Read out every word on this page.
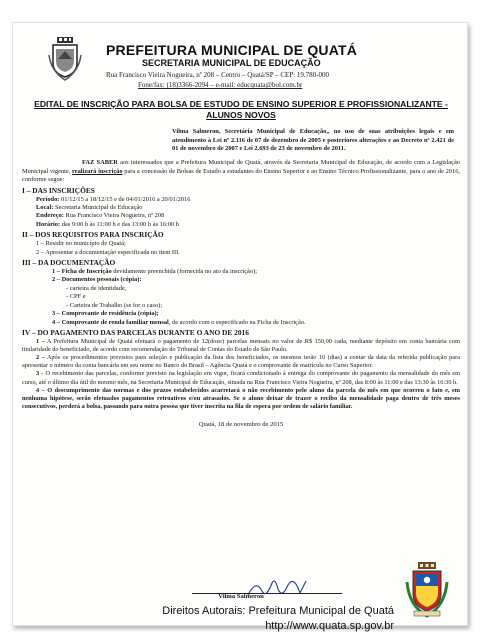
PREFEITURA MUNICIPAL DE QUATÁ
SECRETARIA MUNICIPAL DE EDUCAÇÃO
Rua Francisco Vieira Nogueira, nº 208 – Centro – Quatá/SP – CEP: 19.780-000
Fone/fax: (18)3366-2094 – e-mail: educquata@bol.com.br
EDITAL DE INSCRIÇÃO PARA BOLSA DE ESTUDO DE ENSINO SUPERIOR E PROFISSIONALIZANTE - ALUNOS NOVOS
Vilma Salmeron, Secretária Municipal de Educação,, no uso de suas atribuições legais e em atendimento à Lei nº 2.116 de 07 de dezembro de 2005 e posteriores alterações e ao Decreto nº 2.421 de 01 de novembro de 2007 e Lei 2.693 de 23 de novembro de 2011.
FAZ SABER aos interessados que a Prefeitura Municipal de Quatá, através da Secretaria Municipal de Educação, de acordo com a Legislação Municipal vigente, realizará inscrição para a concessão de Bolsas de Estudo a estudantes do Ensino Superior e ao Ensino Técnico Profissionalizante, para o ano de 2016, conforme segue:
I – DAS INSCRIÇÕES
Período: 01/12/15 a 18/12/15 e de 04/01/2016 a 20/01/2016
Local: Secretaria Municipal de Educação
Endereço: Rua Francisco Vieira Nogueira, nº 208
Horário: das 9:00 h às 11:00 h e das 13:00 h às 16:00 h
II – DOS REQUISITOS PARA INSCRIÇÃO
1 – Residir no município de Quatá;
2 – Apresentar a documentação especificada no item III.
III – DA DOCUMENTAÇÃO
1 – Ficha de Inscrição devidamente preenchida (fornecida no ato da inscrição);
2 – Documentos pessoais (cópia):
- carteira de identidade,
- CPF e
- Carteira de Trabalho (se for o caso);
3 – Comprovante de residência (cópia);
4 – Comprovante de renda familiar mensal, de acordo com o especificado na Ficha de Inscrição.
IV – DO PAGAMENTO DAS PARCELAS DURANTE O ANO DE 2016
1 – A Prefeitura Municipal de Quatá efetuará o pagamento de 12(doze) parcelas mensais no valor de R$ 150,00 cada, mediante depósito em conta bancária com titularidade do beneficiado, de acordo com recomendação do Tribunal de Contas do Estado de São Paulo.
2 – Após os procedimentos previstos para seleção e publicação da lista dos beneficiados, os mesmos terão 10 (dias) a contar da data da referida publicação para apresentar o número da conta bancária em seu nome no Banco do Brasil – Agência Quatá e o comprovante de matrícula no Curso Superior.
3 - O recebimento das parcelas, conforme previsto na legislação em vigor, ficará condicionado à entrega do comprovante do pagamento da mensalidade do mês em curso, até o último dia útil do mesmo mês, na Secretaria Municipal de Educação, situada na Rua Francisco Vieira Nogueira, nº 208, das 8:00 às 11:00 e das 13:30 às 16:30 h.
4 – O descumprimento das normas e dos prazos estabelecidos acarretará o não recebimento pelo aluno da parcela do mês em que ocorreu o fato e, em nenhuma hipótese, serão efetuados pagamentos retroativos e/ou atrasados. Se o aluno deixar de trazer o recibo da mensalidade paga dentro de três meses consecutivos, perderá a bolsa, passando para outra pessoa que tiver inscrita na fila de espera por ordem de salário familiar.
Quatá, 18 de novembro de 2015
Vilma Salmeron
Direitos Autorais: Prefeitura Municipal de Quatá
http://www.quata.sp.gov.br
